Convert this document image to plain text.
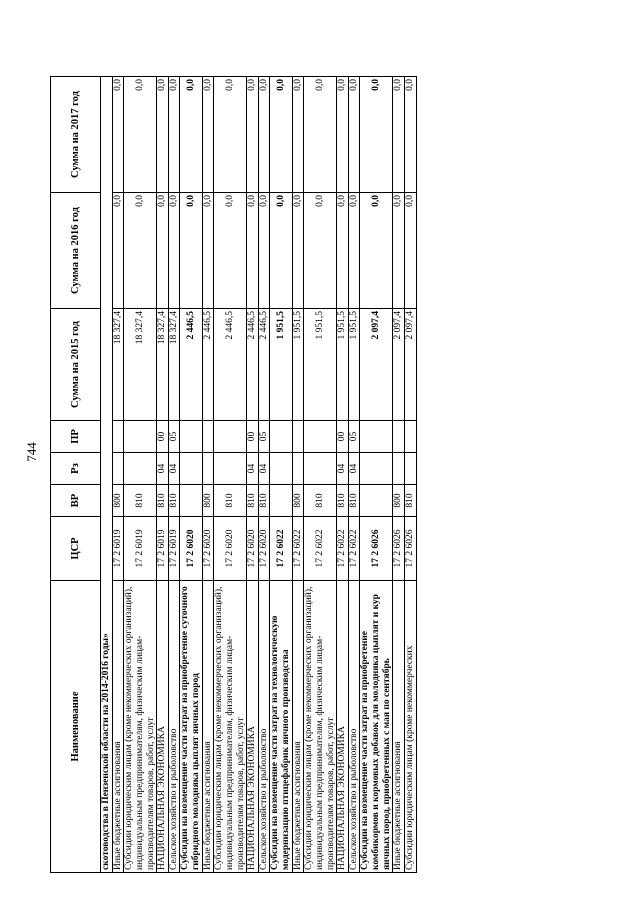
744
Наименование	ЦСР	ВР	Рз	ПР	Сумма на 2015 год	Сумма на 2016 год	Сумма на 2017 год
скотоводства в Пензенской области на 2014-2016 годы»							
Иные бюджетные ассигнования	17 2 6019	800			18 327,4	0,0	0,0
Субсидии юридическим лицам (кроме некоммерческих организаций), индивидуальным предпринимателям, физическим лицам-производителям товаров, работ, услуг	17 2 6019	810			18 327,4	0,0	0,0
НАЦИОНАЛЬНАЯ ЭКОНОМИКА	17 2 6019	810	04	00	18 327,4	0,0	0,0
Сельское хозяйство и рыболовство	17 2 6019	810	04	05	18 327,4	0,0	0,0
Субсидии на возмещение части затрат на приобретение суточного гибридного молодняка цыплят яичных пород	17 2 6020				2 446,5	0,0	0,0
Иные бюджетные ассигнования	17 2 6020	800			2 446,5	0,0	0,0
Субсидии юридическим лицам (кроме некоммерческих организаций), индивидуальным предпринимателям, физическим лицам-производителям товаров, работ, услуг	17 2 6020	810			2 446,5	0,0	0,0
НАЦИОНАЛЬНАЯ ЭКОНОМИКА	17 2 6020	810	04	00	2 446,5	0,0	0,0
Сельское хозяйство и рыболовство	17 2 6020	810	04	05	2 446,5	0,0	0,0
Субсидии на возмещение части затрат на технологическую модернизацию птицефабрик яичного производства	17 2 6022				1 951,5	0,0	0,0
Иные бюджетные ассигнования	17 2 6022	800			1 951,5	0,0	0,0
Субсидии юридическим лицам (кроме некоммерческих организаций), индивидуальным предпринимателям, физическим лицам-производителям товаров, работ, услуг	17 2 6022	810			1 951,5	0,0	0,0
НАЦИОНАЛЬНАЯ ЭКОНОМИКА	17 2 6022	810	04	00	1 951,5	0,0	0,0
Сельское хозяйство и рыболовство	17 2 6022	810	04	05	1 951,5	0,0	0,0
Субсидии на возмещение части затрат на приобретение комбикормов и кормовых добавок для молодняка цыплят и кур яичных пород, приобретенных с мая по сентябрь	17 2 6026				2 097,4	0,0	0,0
Иные бюджетные ассигнования	17 2 6026	800			2 097,4	0,0	0,0
Субсидии юридическим лицам (кроме некоммерческих	17 2 6026	810			2 097,4	0,0	0,0
